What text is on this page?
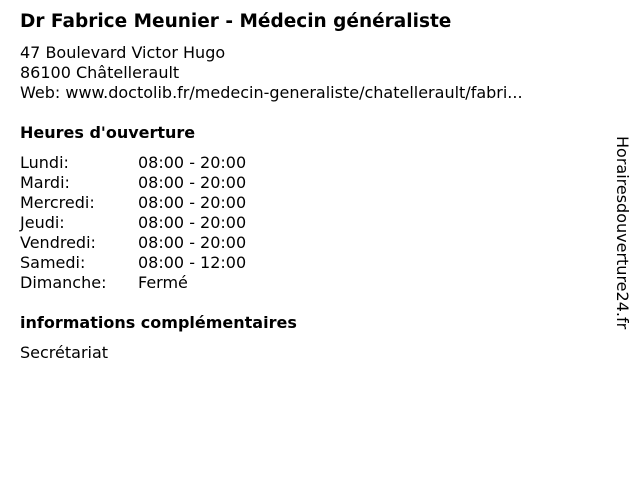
Dr Fabrice Meunier - Médecin généraliste
47 Boulevard Victor Hugo
86100 Châtellerault
Web: www.doctolib.fr/medecin-generaliste/chatellerault/fabri...
Heures d'ouverture
Lundi:	08:00 - 20:00
Mardi:	08:00 - 20:00
Mercredi:	08:00 - 20:00
Jeudi:	08:00 - 20:00
Vendredi:	08:00 - 20:00
Samedi:	08:00 - 12:00
Dimanche:	Fermé
informations complémentaires
Secrétariat
Horairesdouverture24.fr
